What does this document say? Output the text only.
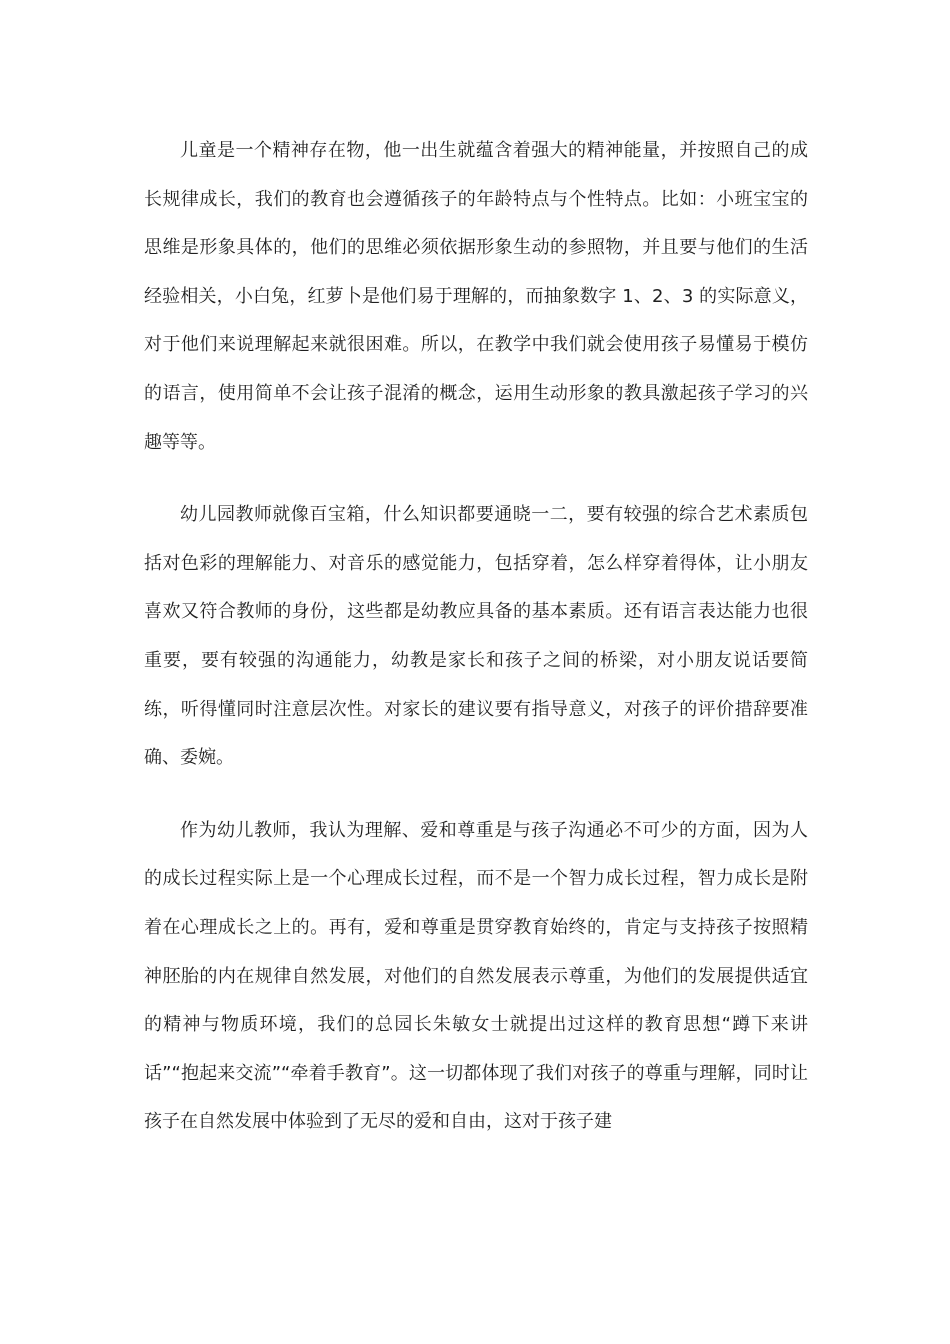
儿童是一个精神存在物，他一出生就蕴含着强大的精神能量，并按照自己的成长规律成长，我们的教育也会遵循孩子的年龄特点与个性特点。比如：小班宝宝的思维是形象具体的，他们的思维必须依据形象生动的参照物，并且要与他们的生活经验相关，小白兔，红萝卜是他们易于理解的，而抽象数字 1、2、3 的实际意义，对于他们来说理解起来就很困难。所以，在教学中我们就会使用孩子易懂易于模仿的语言，使用简单不会让孩子混淆的概念，运用生动形象的教具激起孩子学习的兴趣等等。

幼儿园教师就像百宝箱，什么知识都要通晓一二，要有较强的综合艺术素质包括对色彩的理解能力、对音乐的感觉能力，包括穿着，怎么样穿着得体，让小朋友喜欢又符合教师的身份，这些都是幼教应具备的基本素质。还有语言表达能力也很重要，要有较强的沟通能力，幼教是家长和孩子之间的桥梁，对小朋友说话要简练，听得懂同时注意层次性。对家长的建议要有指导意义，对孩子的评价措辞要准确、委婉。

作为幼儿教师，我认为理解、爱和尊重是与孩子沟通必不可少的方面，因为人的成长过程实际上是一个心理成长过程，而不是一个智力成长过程，智力成长是附着在心理成长之上的。再有，爱和尊重是贯穿教育始终的，肯定与支持孩子按照精神胚胎的内在规律自然发展，对他们的自然发展表示尊重，为他们的发展提供适宜的精神与物质环境，我们的总园长朱敏女士就提出过这样的教育思想“蹲下来讲话”“抱起来交流”“牵着手教育”。这一切都体现了我们对孩子的尊重与理解，同时让孩子在自然发展中体验到了无尽的爱和自由，这对于孩子建
